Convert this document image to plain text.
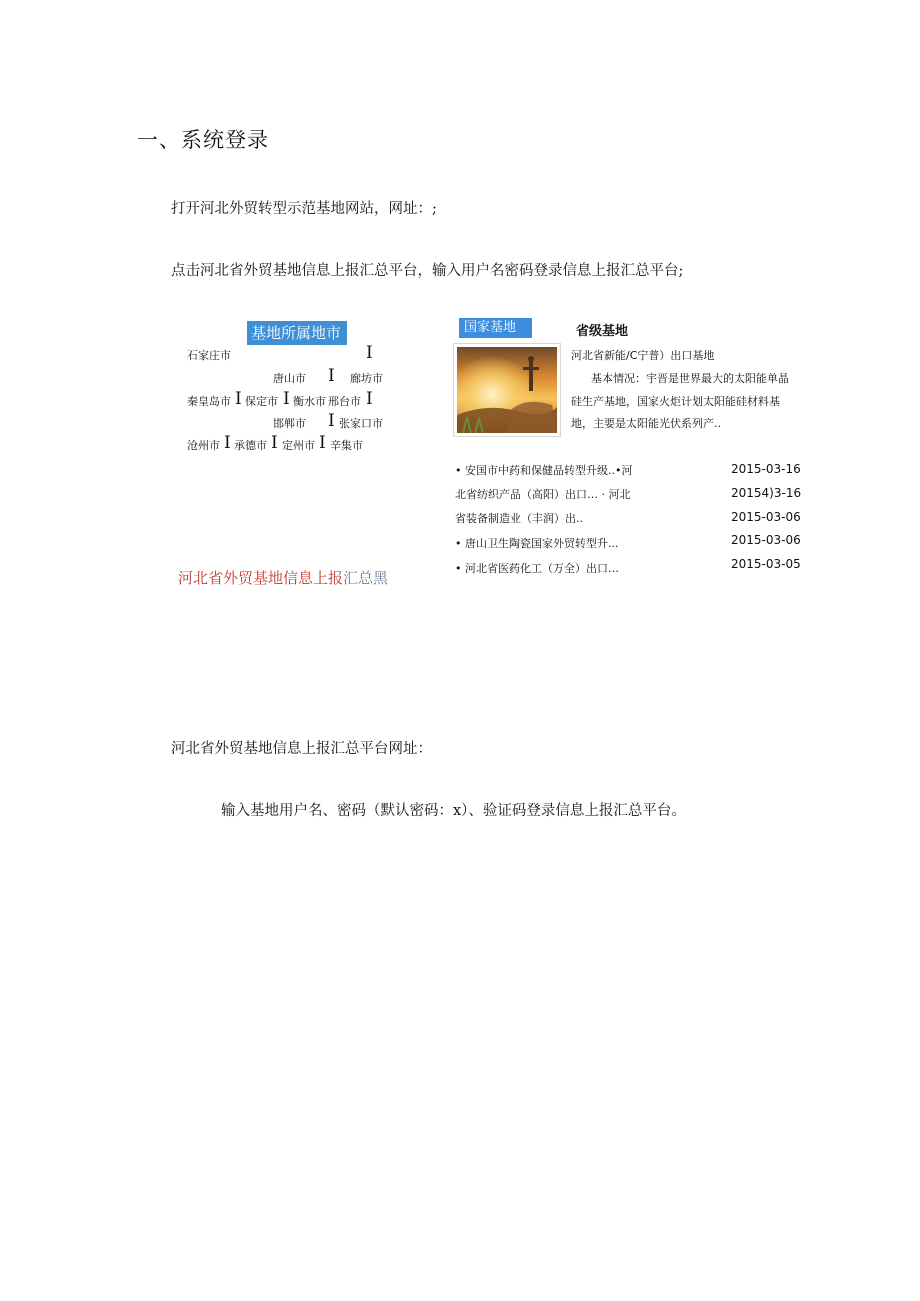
一、系统登录
打开河北外贸转型示范基地网站，网址：;
点击河北省外贸基地信息上报汇总平台，输入用户名密码登录信息上报汇总平台;
基地所属地市
石家庄市	I
唐山市 I 廊坊市
秦皇岛市 I 保定市 I 衡水市 邢台市 I
邯郸市 I 张家口市
沧州市 I 承德市 I 定州市 I 辛集市
河北省外贸基地信息上报汇总黑
国家基地	省级基地
河北省新能/C宁普）出口基地
基本情况：宇晋是世界最大的太阳能单晶
硅生产基地，国家火炬计划太阳能硅材料基
地，主要是太阳能光伏系列产..
• 安国市中药和保健品转型升级..•河	2015-03-16
北省纺织产品（高阳）出口… · 河北	20154)3-16
省装备制造业（丰润）出..	2015-03-06
• 唐山卫生陶瓷国家外贸转型升...	2015-03-06
• 河北省医药化工（万全）出口…	2015-03-05
河北省外贸基地信息上报汇总平台网址：
输入基地用户名、密码（默认密码：x）、验证码登录信息上报汇总平台。
